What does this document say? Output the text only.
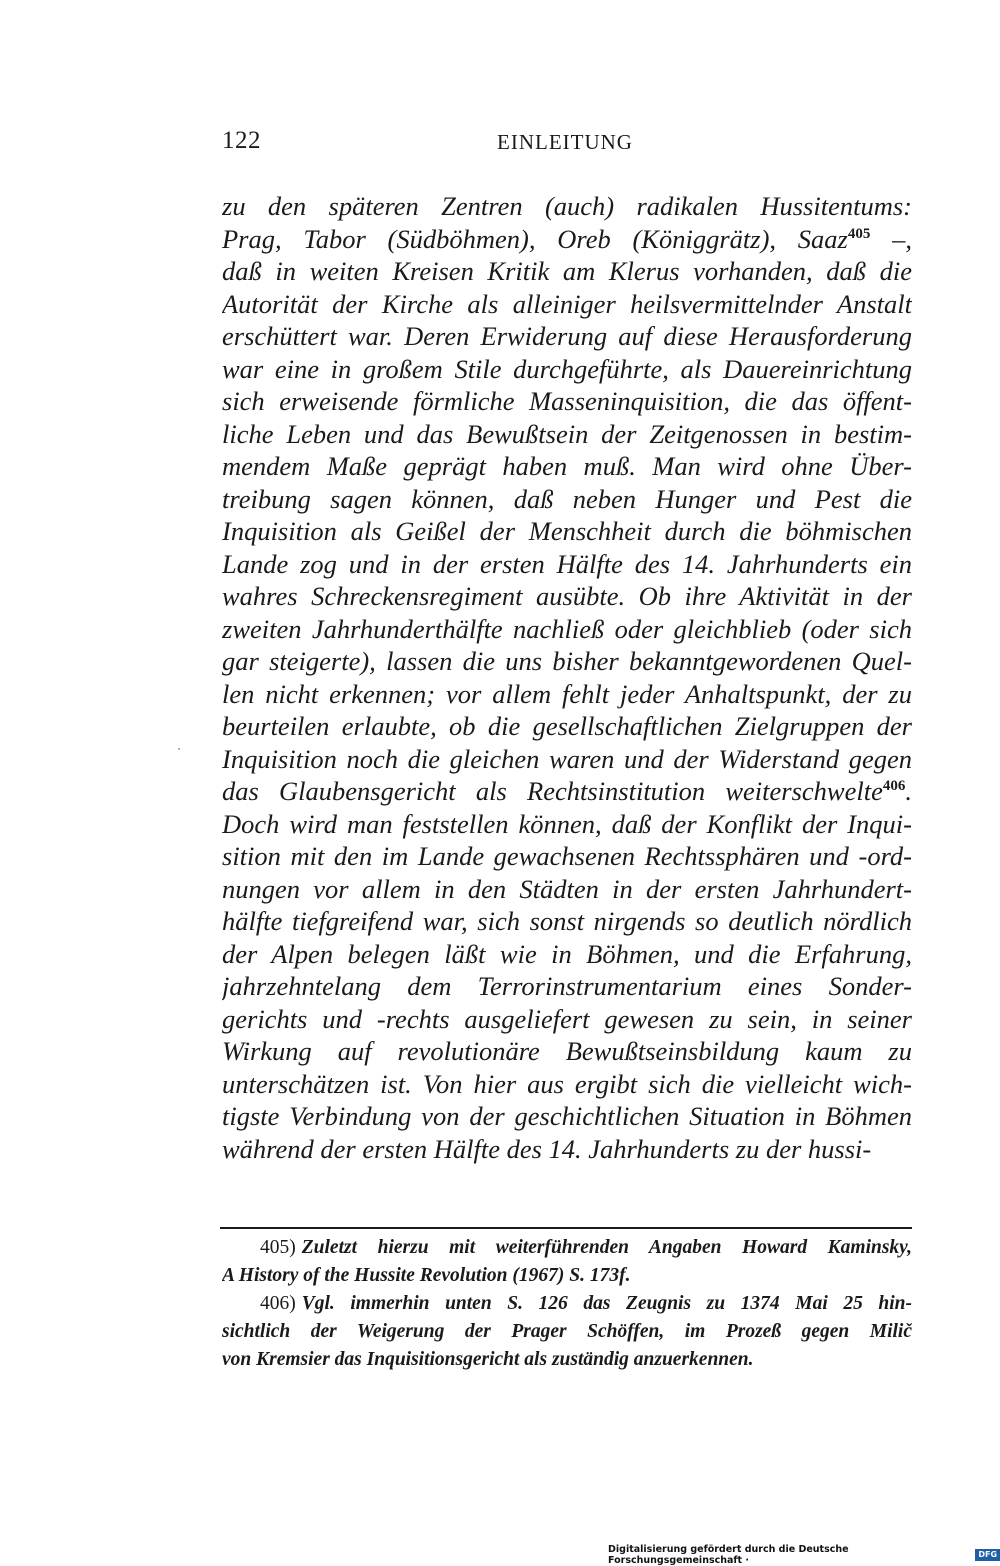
122	EINLEITUNG
zu den späteren Zentren (auch) radikalen Hussitentums:
Prag, Tabor (Südböhmen), Oreb (Königgrätz), Saaz$^{405}$ –,
daß in weiten Kreisen Kritik am Klerus vorhanden, daß die
Autorität der Kirche als alleiniger heilsvermittelnder Anstalt
erschüttert war. Deren Erwiderung auf diese Herausforderung
war eine in großem Stile durchgeführte, als Dauereinrichtung
sich erweisende förmliche Masseninquisition, die das öffent-
liche Leben und das Bewußtsein der Zeitgenossen in bestim-
mendem Maße geprägt haben muß. Man wird ohne Über-
treibung sagen können, daß neben Hunger und Pest die
Inquisition als Geißel der Menschheit durch die böhmischen
Lande zog und in der ersten Hälfte des 14. Jahrhunderts ein
wahres Schreckensregiment ausübte. Ob ihre Aktivität in der
zweiten Jahrhunderthälfte nachließ oder gleichblieb (oder sich
gar steigerte), lassen die uns bisher bekanntgewordenen Quel-
len nicht erkennen; vor allem fehlt jeder Anhaltspunkt, der zu
beurteilen erlaubte, ob die gesellschaftlichen Zielgruppen der
Inquisition noch die gleichen waren und der Widerstand gegen
das Glaubensgericht als Rechtsinstitution weiterschwelte$^{406}$.
Doch wird man feststellen können, daß der Konflikt der Inqui-
sition mit den im Lande gewachsenen Rechtssphären und -ord-
nungen vor allem in den Städten in der ersten Jahrhundert-
hälfte tiefgreifend war, sich sonst nirgends so deutlich nördlich
der Alpen belegen läßt wie in Böhmen, und die Erfahrung,
jahrzehntelang dem Terrorinstrumentarium eines Sonder-
gerichts und -rechts ausgeliefert gewesen zu sein, in seiner
Wirkung auf revolutionäre Bewußtseinsbildung kaum zu
unterschätzen ist. Von hier aus ergibt sich die vielleicht wich-
tigste Verbindung von der geschichtlichen Situation in Böhmen
während der ersten Hälfte des 14. Jahrhunderts zu der hussi-
405) Zuletzt hierzu mit weiterführenden Angaben Howard Kaminsky,
A History of the Hussite Revolution (1967) S. 173f.
406) Vgl. immerhin unten S. 126 das Zeugnis zu 1374 Mai 25 hin-
sichtlich der Weigerung der Prager Schöffen, im Prozeß gegen Milič
von Kremsier das Inquisitionsgericht als zuständig anzuerkennen.
Digitalisierung gefördert durch die Deutsche Forschungsgemeinschaft ·
DFG
